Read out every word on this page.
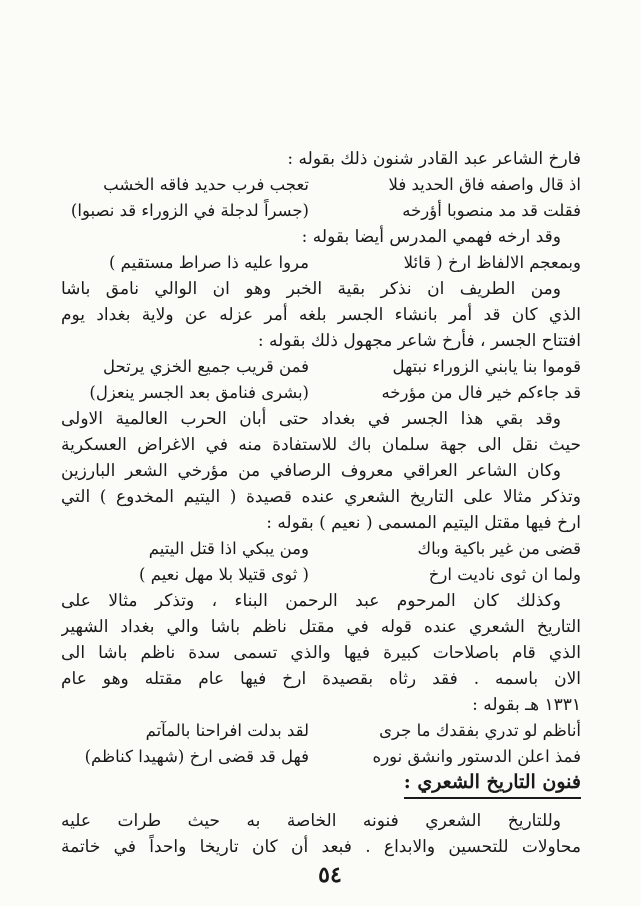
فارخ الشاعر عبد القادر شنون ذلك بقوله :
اذ قال واصفه فاق الحديد فلا
تعجب فرب حديد فاقه الخشب
فقلت قد مد منصوبا أؤرخه
(جسراً لدجلة في الزوراء قد نصبوا)
وقد ارخه فهمي المدرس أيضا بقوله :
وبمعجم الالفاظ ارخ ( قائلا
مروا عليه ذا صراط مستقيم )
ومن الطريف ان نذكر بقية الخبر وهو ان الوالي نامق باشا
الذي كان قد أمر بانشاء الجسر بلغه أمر عزله عن ولاية بغداد يوم
افتتاح الجسر ، فأرخ شاعر مجهول ذلك بقوله :
قوموا بنا يابني الزوراء نبتهل
فمن قريب جميع الخزي يرتحل
قد جاءكم خير فال من مؤرخه
(بشرى فنامق بعد الجسر ينعزل)
وقد بقي هذا الجسر في بغداد حتى أبان الحرب العالمية الاولى
حيث نقل الى جهة سلمان باك للاستفادة منه في الاغراض العسكرية
وكان الشاعر العراقي معروف الرصافي من مؤرخي الشعر البارزين
وتذكر مثالا على التاريخ الشعري عنده قصيدة ( اليتيم المخدوع ) التي
ارخ فيها مقتل اليتيم المسمى ( نعيم ) بقوله :
قضى من غير باكية وباك
ومن يبكي اذا قتل اليتيم
ولما ان ثوى ناديت ارخ
( ثوى قتيلا بلا مهل نعيم )
وكذلك كان المرحوم عبد الرحمن البناء ، وتذكر مثالا على
التاريخ الشعري عنده قوله في مقتل ناظم باشا والي بغداد الشهير
الذي قام باصلاحات كبيرة فيها والذي تسمى سدة ناظم باشا الى
الان باسمه . فقد رثاه بقصيدة ارخ فيها عام مقتله وهو عام
١٣٣١ هـ بقوله :
أناظم لو تدري بفقدك ما جرى
لقد بدلت افراحنا بالمآتم
فمذ اعلن الدستور وانشق نوره
فهل قد قضى ارخ (شهيدا كناظم)
فنون التاريخ الشعري :
وللتاريخ الشعري فنونه الخاصة به حيث طرات عليه
محاولات للتحسين والابداع . فبعد أن كان تاريخا واحداً في خاتمة
٥٤
